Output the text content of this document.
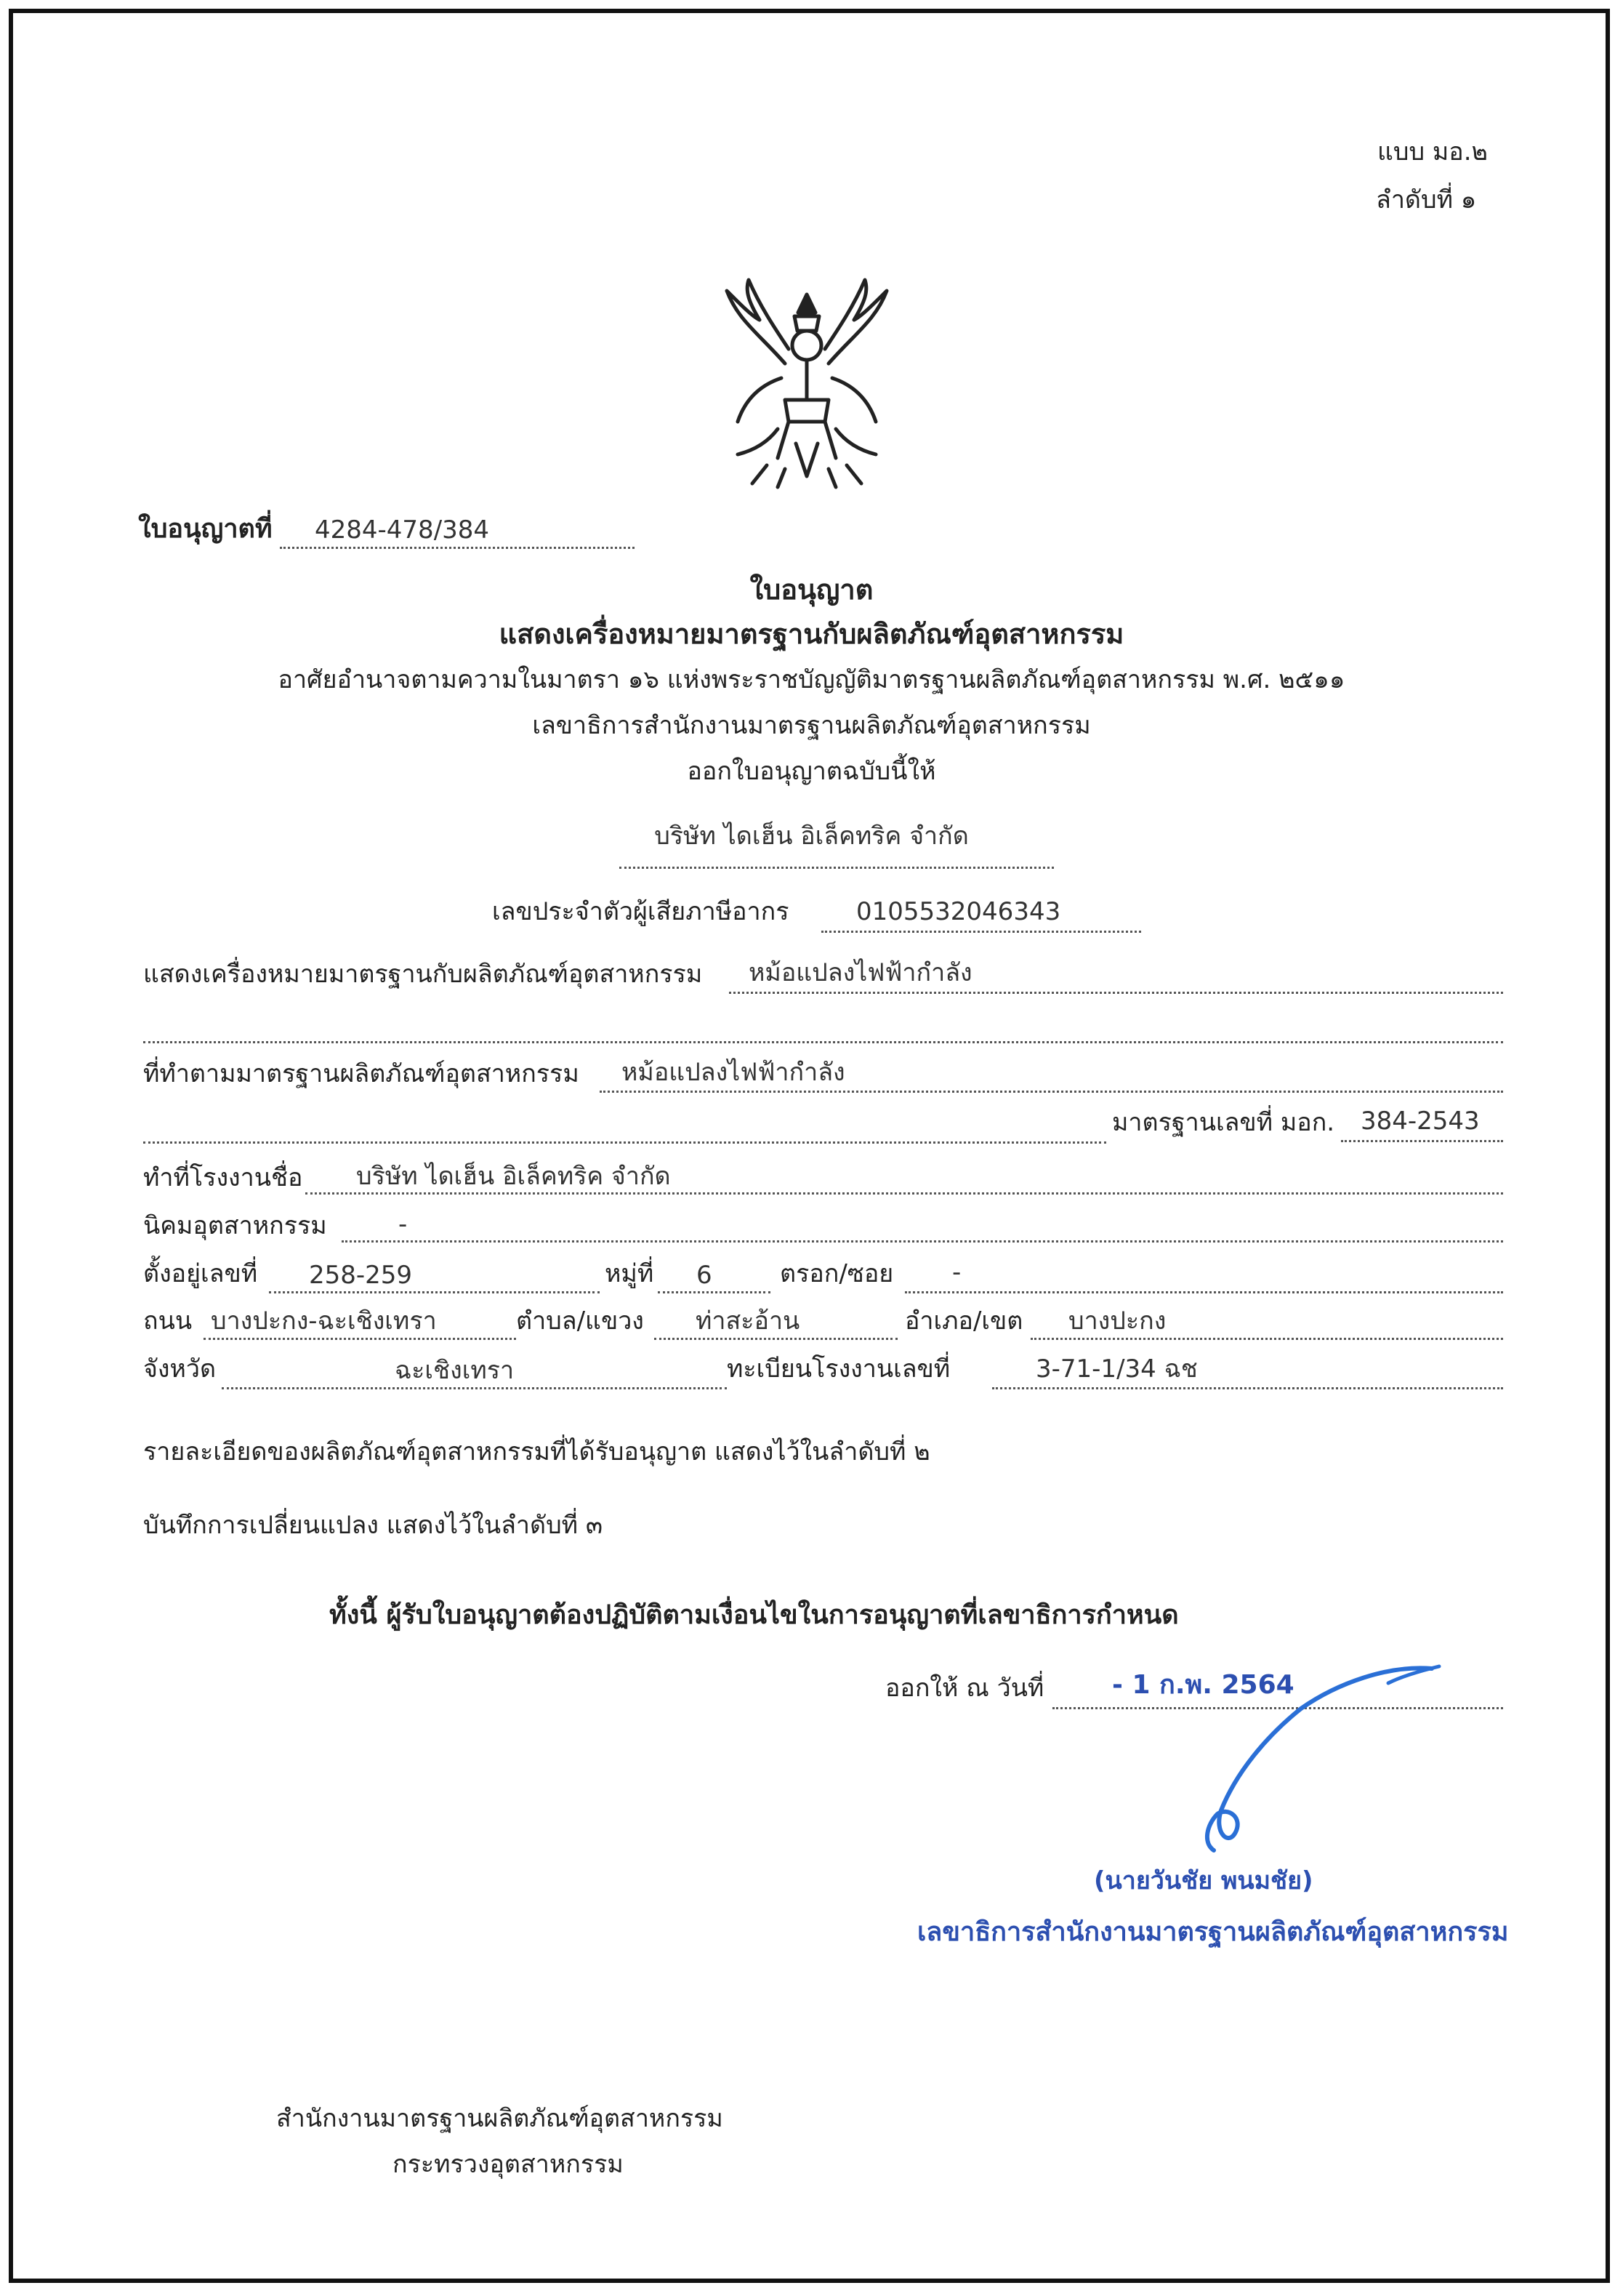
แบบ มอ.๒
ลำดับที่ ๑
ใบอนุญาตที่ 4284-478/384
ใบอนุญาต
แสดงเครื่องหมายมาตรฐานกับผลิตภัณฑ์อุตสาหกรรม
อาศัยอำนาจตามความในมาตรา ๑๖ แห่งพระราชบัญญัติมาตรฐานผลิตภัณฑ์อุตสาหกรรม พ.ศ. ๒๕๑๑
เลขาธิการสำนักงานมาตรฐานผลิตภัณฑ์อุตสาหกรรม
ออกใบอนุญาตฉบับนี้ให้
บริษัท ไดเฮ็น อิเล็คทริค จำกัด
เลขประจำตัวผู้เสียภาษีอากร	0105532046343
แสดงเครื่องหมายมาตรฐานกับผลิตภัณฑ์อุตสาหกรรม หม้อแปลงไฟฟ้ากำลัง
ที่ทำตามมาตรฐานผลิตภัณฑ์อุตสาหกรรม หม้อแปลงไฟฟ้ากำลัง
มาตรฐานเลขที่ มอก. 384-2543
ทำที่โรงงานชื่อ บริษัท ไดเฮ็น อิเล็คทริค จำกัด
นิคมอุตสาหกรรม	-
ตั้งอยู่เลขที่ 258-259	หมู่ที่ 6	ตรอก/ซอย -
ถนน บางปะกง-ฉะเชิงเทรา	ตำบล/แขวง ท่าสะอ้าน	อำเภอ/เขต บางปะกง
จังหวัด	ฉะเชิงเทรา	ทะเบียนโรงงานเลขที่	3-71-1/34 ฉช
รายละเอียดของผลิตภัณฑ์อุตสาหกรรมที่ได้รับอนุญาต แสดงไว้ในลำดับที่ ๒
บันทึกการเปลี่ยนแปลง แสดงไว้ในลำดับที่ ๓
ทั้งนี้ ผู้รับใบอนุญาตต้องปฏิบัติตามเงื่อนไขในการอนุญาตที่เลขาธิการกำหนด
ออกให้ ณ วันที่	- 1 ก.พ. 2564
(นายวันชัย พนมชัย)
เลขาธิการสำนักงานมาตรฐานผลิตภัณฑ์อุตสาหกรรม
สำนักงานมาตรฐานผลิตภัณฑ์อุตสาหกรรม
กระทรวงอุตสาหกรรม
